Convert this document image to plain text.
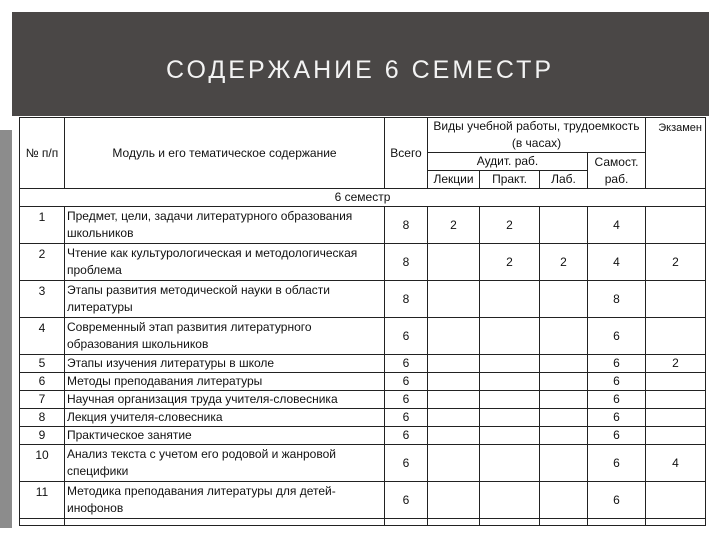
СОДЕРЖАНИЕ 6 СЕМЕСТР
№ п/п	Модуль и его тематическое содержание	Всего	Виды учебной работы, трудоемкость (в часах)				Экзамен

			Аудит. раб.			Самост. раб.	
			Лекции	Практ.	Лаб.		
6 семестр							
1	Предмет, цели, задачи литературного образования школьников	8	2	2		4	
2	Чтение как культурологическая и методологическая проблема	8		2	2	4	2
3	Этапы развития методической науки в области литературы	8				8	
4	Современный этап развития литературного образования школьников	6				6	
5	Этапы изучения литературы в школе	6				6	2
6	Методы преподавания литературы	6				6	
7	Научная организация труда учителя-словесника	6				6	
8	Лекция учителя-словесника	6				6	
9	Практическое занятие	6				6	
10	Анализ текста с учетом его родовой и жанровой специфики	6				6	4
11	Методика преподавания литературы для детей-инофонов	6				6	
